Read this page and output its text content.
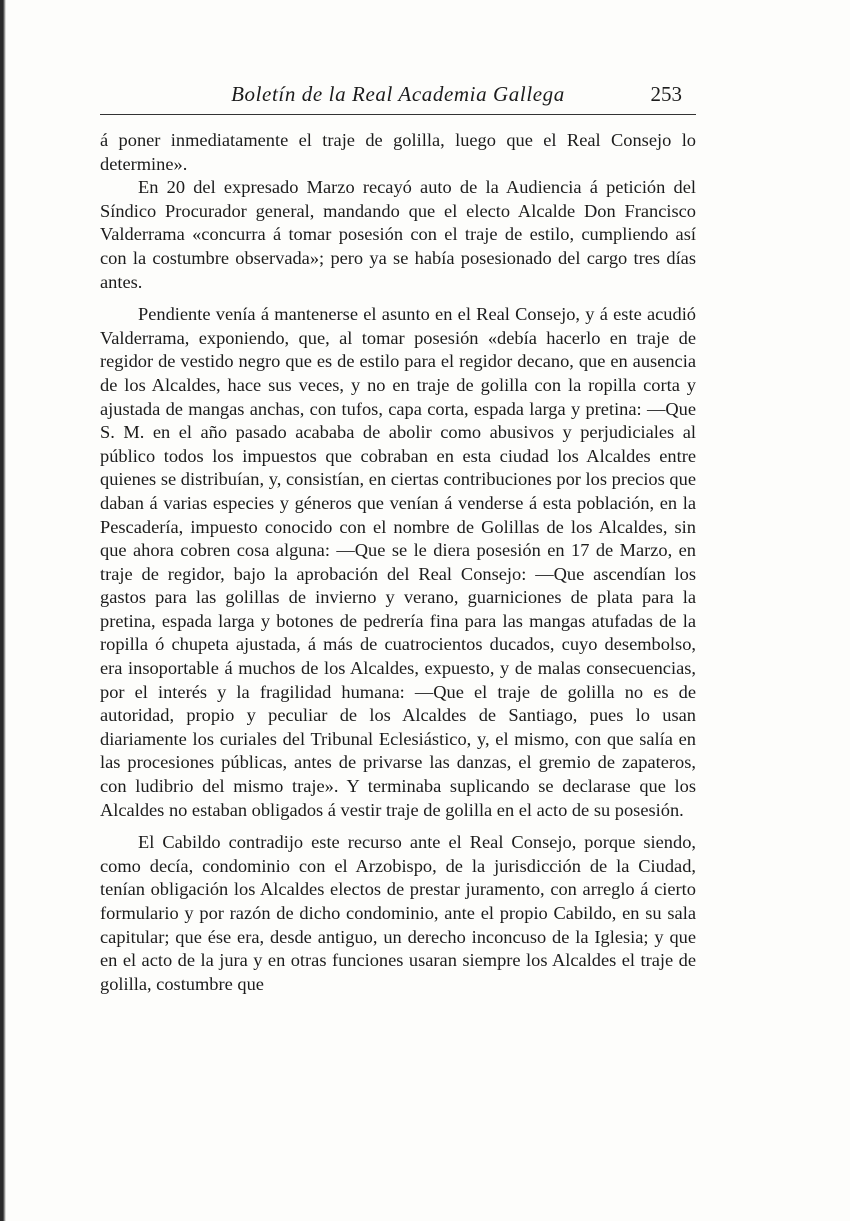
Boletín de la Real Academia Gallega	253

á poner inmediatamente el traje de golilla, luego que el Real Consejo lo determine».

En 20 del expresado Marzo recayó auto de la Audiencia á petición del Síndico Procurador general, mandando que el electo Alcalde Don Francisco Valderrama «concurra á tomar posesión con el traje de estilo, cumpliendo así con la costumbre observada»; pero ya se había posesionado del cargo tres días antes.

Pendiente venía á mantenerse el asunto en el Real Consejo, y á este acudió Valderrama, exponiendo, que, al tomar posesión «debía hacerlo en traje de regidor de vestido negro que es de estilo para el regidor decano, que en ausencia de los Alcaldes, hace sus veces, y no en traje de golilla con la ropilla corta y ajustada de mangas anchas, con tufos, capa corta, espada larga y pretina: —Que S. M. en el año pasado acababa de abolir como abusivos y perjudiciales al público todos los impuestos que cobraban en esta ciudad los Alcaldes entre quienes se distribuían, y, consistían, en ciertas contribuciones por los precios que daban á varias especies y géneros que venían á venderse á esta población, en la Pescadería, impuesto conocido con el nombre de Golillas de los Alcaldes, sin que ahora cobren cosa alguna: —Que se le diera posesión en 17 de Marzo, en traje de regidor, bajo la aprobación del Real Consejo: —Que ascendían los gastos para las golillas de invierno y verano, guarniciones de plata para la pretina, espada larga y botones de pedrería fina para las mangas atufadas de la ropilla ó chupeta ajustada, á más de cuatrocientos ducados, cuyo desembolso, era insoportable á muchos de los Alcaldes, expuesto, y de malas consecuencias, por el interés y la fragilidad humana: —Que el traje de golilla no es de autoridad, propio y peculiar de los Alcaldes de Santiago, pues lo usan diariamente los curiales del Tribunal Eclesiástico, y, el mismo, con que salía en las procesiones públicas, antes de privarse las danzas, el gremio de zapateros, con ludibrio del mismo traje». Y terminaba suplicando se declarase que los Alcaldes no estaban obligados á vestir traje de golilla en el acto de su posesión.

El Cabildo contradijo este recurso ante el Real Consejo, porque siendo, como decía, condominio con el Arzobispo, de la jurisdicción de la Ciudad, tenían obligación los Alcaldes electos de prestar juramento, con arreglo á cierto formulario y por razón de dicho condominio, ante el propio Cabildo, en su sala capitular; que ése era, desde antiguo, un derecho inconcuso de la Iglesia; y que en el acto de la jura y en otras funciones usaran siempre los Alcaldes el traje de golilla, costumbre que
